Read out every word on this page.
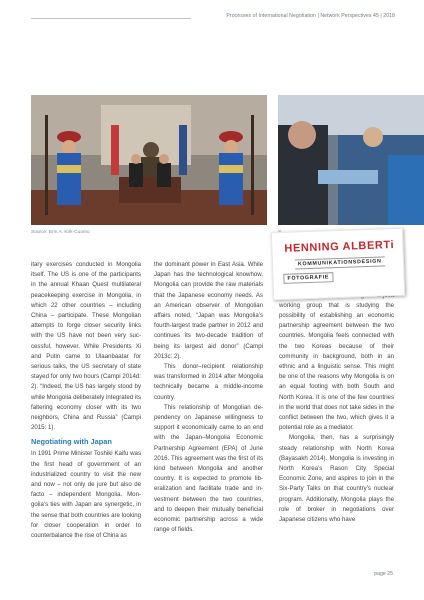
Processes of International Negotiation | Network Perspectives 45 | 2018
Source: Erin A. Kirk-Cuomo

itary exercises conducted in Mongolia itself. The US is one of the participants in the annual Khaan Quest multilateral peacekeeping exercise in Mongolia, in which 22 other countries – including China – participate. These Mongolian attempts to forge closer security links with the US have not been very successful, however. While Presidents Xi and Putin came to Ulaanbaatar for serious talks, the US secretary of state stayed for only two hours (Campi 2014d: 2). “Indeed, the US has largely stood by while Mongolia deliberately integrated its faltering economy closer with its two neighbors, China and Russia” (Campi 2015: 1).

Negotiating with Japan

In 1991 Prime Minister Toshiki Kaifu was the first head of government of an industrialized country to visit the new and now – not only de jure but also de facto – independent Mongolia. Mongolia’s ties with Japan are synergetic, in the sense that both countries are looking for closer cooperation in order to counterbalance the rise of China as

the dominant power in East Asia. While Japan has the technological knowhow, Mongolia can provide the raw materials that the Japanese economy needs. As an American observer of Mongolian affairs noted, “Japan was Mongolia’s fourth-largest trade partner in 2012 and continues its two-decade tradition of being its largest aid donor” (Campi 2013c: 2).

This donor–recipient relationship was transformed in 2014 after Mongolia technically became a middle-income country.

This relationship of Mongolian dependency on Japanese willingness to support it economically came to an end with the Japan–Mongolia Economic Partnership Agreement (EPA) of June 2016. This agreement was the first of its kind between Mongolia and another country. It is expected to promote liberalization and facilitate trade and investment between the two countries, and to deepen their mutually beneficial economic partnership across a wide range of fields.

working group that is studying the possibility of establishing an economic partnership agreement between the two countries. Mongolia feels connected with the two Koreas because of their community in background, both in an ethnic and a linguistic sense. This might be one of the reasons why Mongolia is on an equal footing with both South and North Korea. It is one of the few countries in the world that does not take sides in the conflict between the two, which gives it a potential role as a mediator.

Mongolia, then, has a surprisingly steady relationship with North Korea (Bayasakh 2014). Mongolia is investing in North Korea’s Rason City Special Economic Zone, and aspires to join in the Six-Party Talks on that country’s nuclear program. Additionally, Mongolia plays the role of broker in negotiations over Japanese citizens who have

HENNING ALBERTi
KOMMUNIKATIONSDESIGN
FOTOGRAFIE
page 25
